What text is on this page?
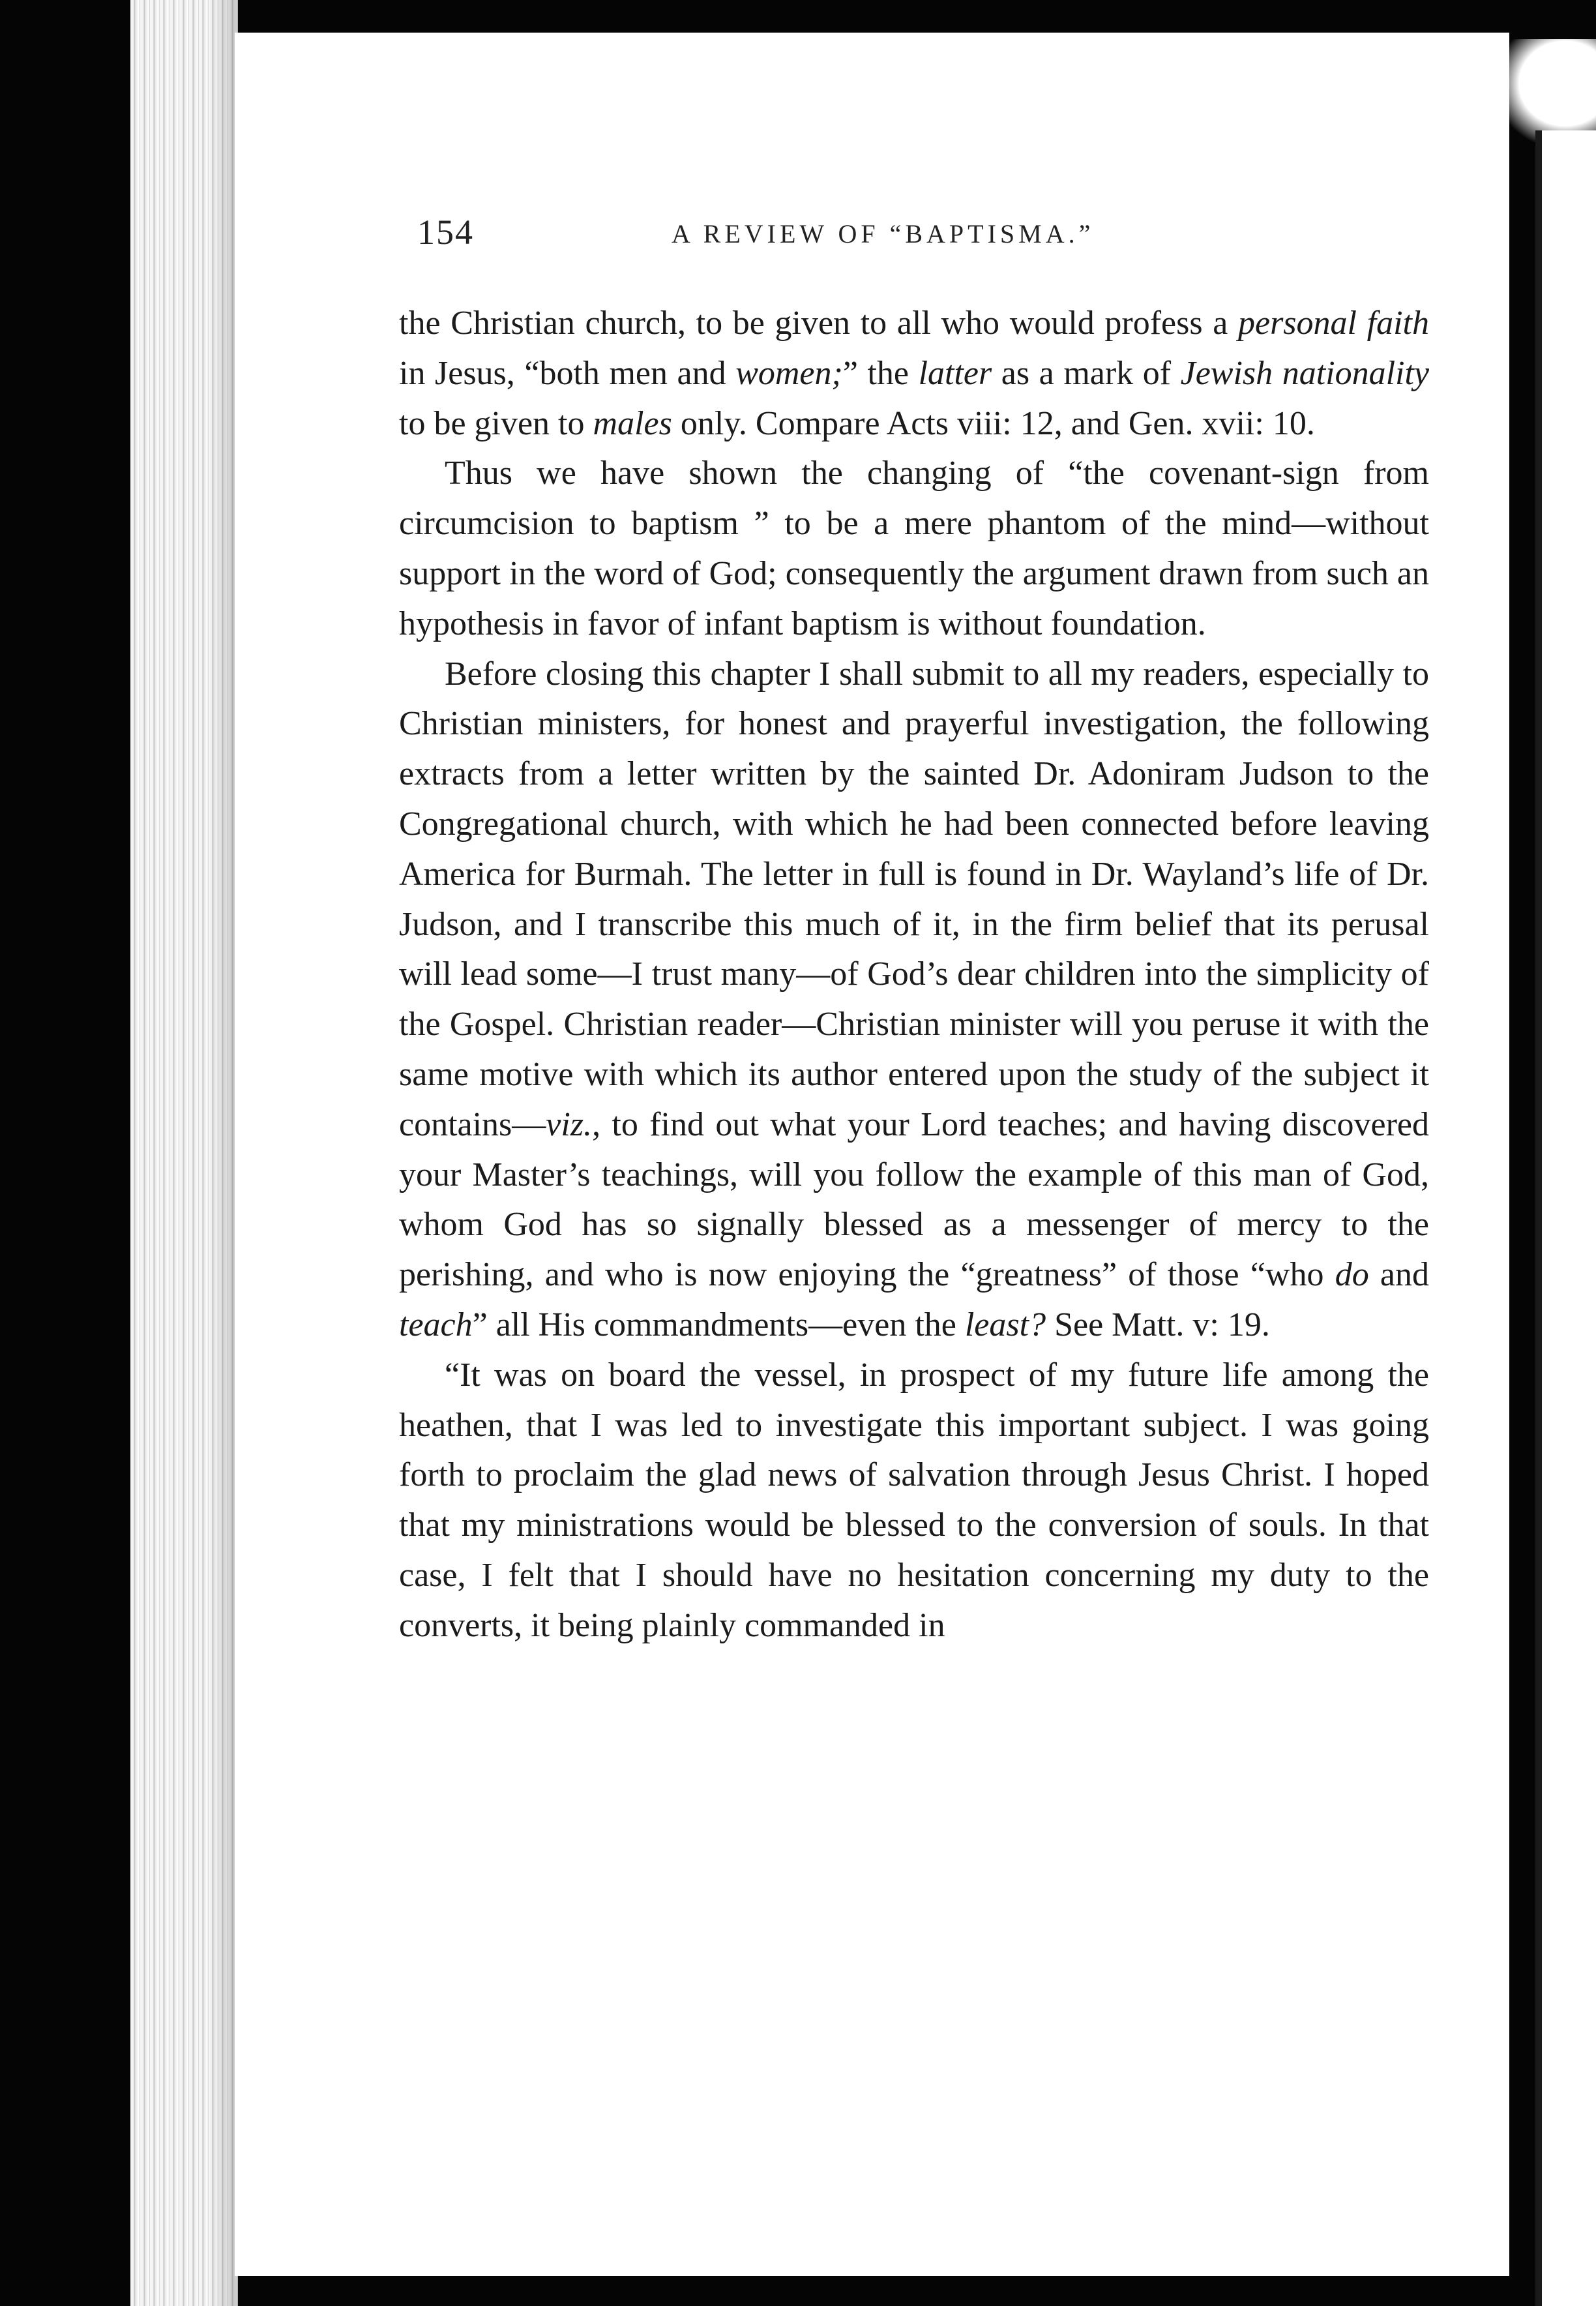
154	A REVIEW OF “BAPTISMA.”

the Christian church, to be given to all who would profess a personal faith in Jesus, “both men and women;” the latter as a mark of Jewish nationality to be given to males only. Compare Acts viii: 12, and Gen. xvii: 10.

Thus we have shown the changing of “the covenant-sign from circumcision to baptism ” to be a mere phantom of the mind—without support in the word of God; consequently the argument drawn from such an hypothesis in favor of infant baptism is without foundation.

Before closing this chapter I shall submit to all my readers, especially to Christian ministers, for honest and prayerful investigation, the following extracts from a letter written by the sainted Dr. Adoniram Judson to the Congregational church, with which he had been connected before leaving America for Burmah. The letter in full is found in Dr. Wayland’s life of Dr. Judson, and I transcribe this much of it, in the firm belief that its perusal will lead some—I trust many—of God’s dear children into the simplicity of the Gospel. Christian reader—Christian minister will you peruse it with the same motive with which its author entered upon the study of the subject it contains—viz., to find out what your Lord teaches; and having discovered your Master’s teachings, will you follow the example of this man of God, whom God has so signally blessed as a messenger of mercy to the perishing, and who is now enjoying the “greatness” of those “who do and teach” all His commandments—even the least? See Matt. v: 19.

“It was on board the vessel, in prospect of my future life among the heathen, that I was led to investigate this important subject. I was going forth to proclaim the glad news of salvation through Jesus Christ. I hoped that my ministrations would be blessed to the conversion of souls. In that case, I felt that I should have no hesitation concerning my duty to the converts, it being plainly commanded in
